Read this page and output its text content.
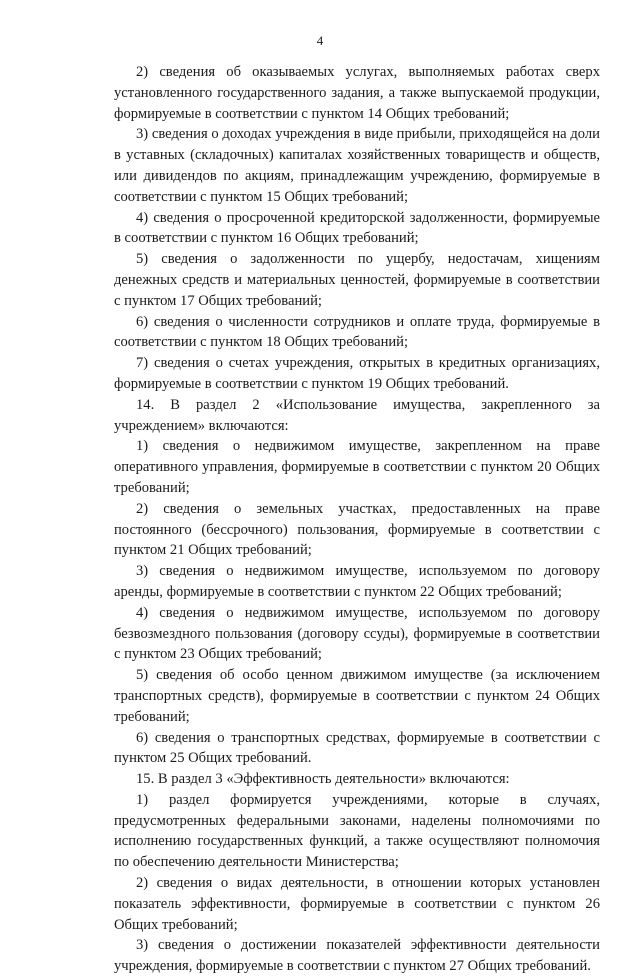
4

2) сведения об оказываемых услугах, выполняемых работах сверх установленного государственного задания, а также выпускаемой продукции, формируемые в соответствии с пунктом 14 Общих требований;

3) сведения о доходах учреждения в виде прибыли, приходящейся на доли в уставных (складочных) капиталах хозяйственных товариществ и обществ, или дивидендов по акциям, принадлежащим учреждению, формируемые в соответствии с пунктом 15 Общих требований;

4) сведения о просроченной кредиторской задолженности, формируемые в соответствии с пунктом 16 Общих требований;

5) сведения о задолженности по ущербу, недостачам, хищениям денежных средств и материальных ценностей, формируемые в соответствии с пунктом 17 Общих требований;

6) сведения о численности сотрудников и оплате труда, формируемые в соответствии с пунктом 18 Общих требований;

7) сведения о счетах учреждения, открытых в кредитных организациях, формируемые в соответствии с пунктом 19 Общих требований.

14. В раздел 2 «Использование имущества, закрепленного за учреждением» включаются:

1) сведения о недвижимом имуществе, закрепленном на праве оперативного управления, формируемые в соответствии с пунктом 20 Общих требований;

2) сведения о земельных участках, предоставленных на праве постоянного (бессрочного) пользования, формируемые в соответствии с пунктом 21 Общих требований;

3) сведения о недвижимом имуществе, используемом по договору аренды, формируемые в соответствии с пунктом 22 Общих требований;

4) сведения о недвижимом имуществе, используемом по договору безвозмездного пользования (договору ссуды), формируемые в соответствии с пунктом 23 Общих требований;

5) сведения об особо ценном движимом имуществе (за исключением транспортных средств), формируемые в соответствии с пунктом 24 Общих требований;

6) сведения о транспортных средствах, формируемые в соответствии с пунктом 25 Общих требований.

15. В раздел 3 «Эффективность деятельности» включаются:

1) раздел формируется учреждениями, которые в случаях, предусмотренных федеральными законами, наделены полномочиями по исполнению государственных функций, а также осуществляют полномочия по обеспечению деятельности Министерства;

2) сведения о видах деятельности, в отношении которых установлен показатель эффективности, формируемые в соответствии с пунктом 26 Общих требований;

3) сведения о достижении показателей эффективности деятельности учреждения, формируемые в соответствии с пунктом 27 Общих требований.
